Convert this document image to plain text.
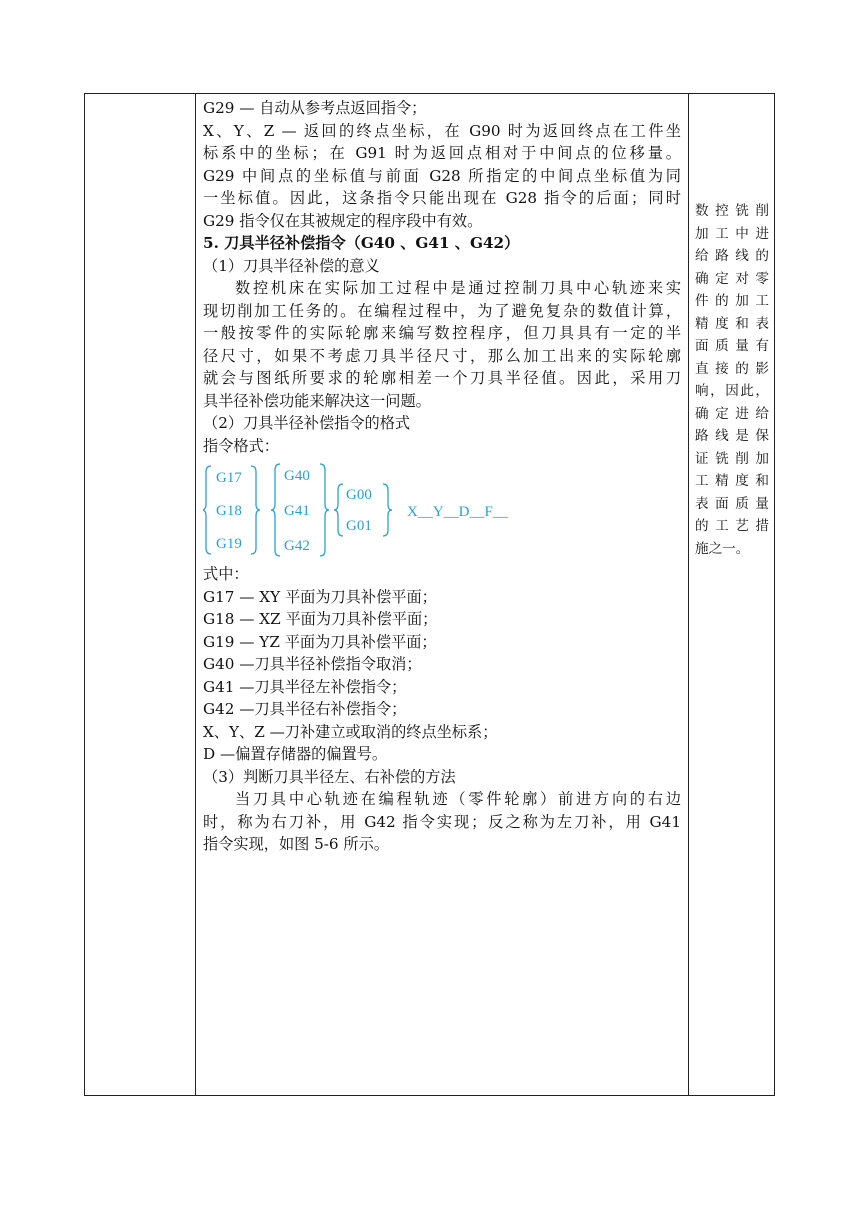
G29 — 自动从参考点返回指令；
X、Y、Z — 返回的终点坐标，在 G90 时为返回终点在工件坐
标系中的坐标；在 G91 时为返回点相对于中间点的位移量。
G29 中间点的坐标值与前面 G28 所指定的中间点坐标值为同
一坐标值。因此，这条指令只能出现在 G28 指令的后面；同时
G29 指令仅在其被规定的程序段中有效。
5. 刀具半径补偿指令（G40 、G41 、G42）
（1）刀具半径补偿的意义
数控机床在实际加工过程中是通过控制刀具中心轨迹来实
现切削加工任务的。在编程过程中，为了避免复杂的数值计算，
一般按零件的实际轮廓来编写数控程序，但刀具具有一定的半
径尺寸，如果不考虑刀具半径尺寸，那么加工出来的实际轮廓
就会与图纸所要求的轮廓相差一个刀具半径值。因此，采用刀
具半径补偿功能来解决这一问题。
（2）刀具半径补偿指令的格式
指令格式：
G17
G18
G19
G40
G41
G42
G00
G01
X__Y__D__F__
式中：
G17 — XY 平面为刀具补偿平面；
G18 — XZ 平面为刀具补偿平面；
G19 — YZ 平面为刀具补偿平面；
G40 —刀具半径补偿指令取消；
G41 —刀具半径左补偿指令；
G42 —刀具半径右补偿指令；
X、Y、Z —刀补建立或取消的终点坐标系；
D —偏置存储器的偏置号。
（3）判断刀具半径左、右补偿的方法
当刀具中心轨迹在编程轨迹（零件轮廓）前进方向的右边
时，称为右刀补，用 G42 指令实现；反之称为左刀补，用 G41
指令实现，如图 5-6 所示。
数控铣削
加工中进
给路线的
确定对零
件的加工
精度和表
面质量有
直接的影
响，因此，
确定进给
路线是保
证铣削加
工精度和
表面质量
的工艺措
施之一。
